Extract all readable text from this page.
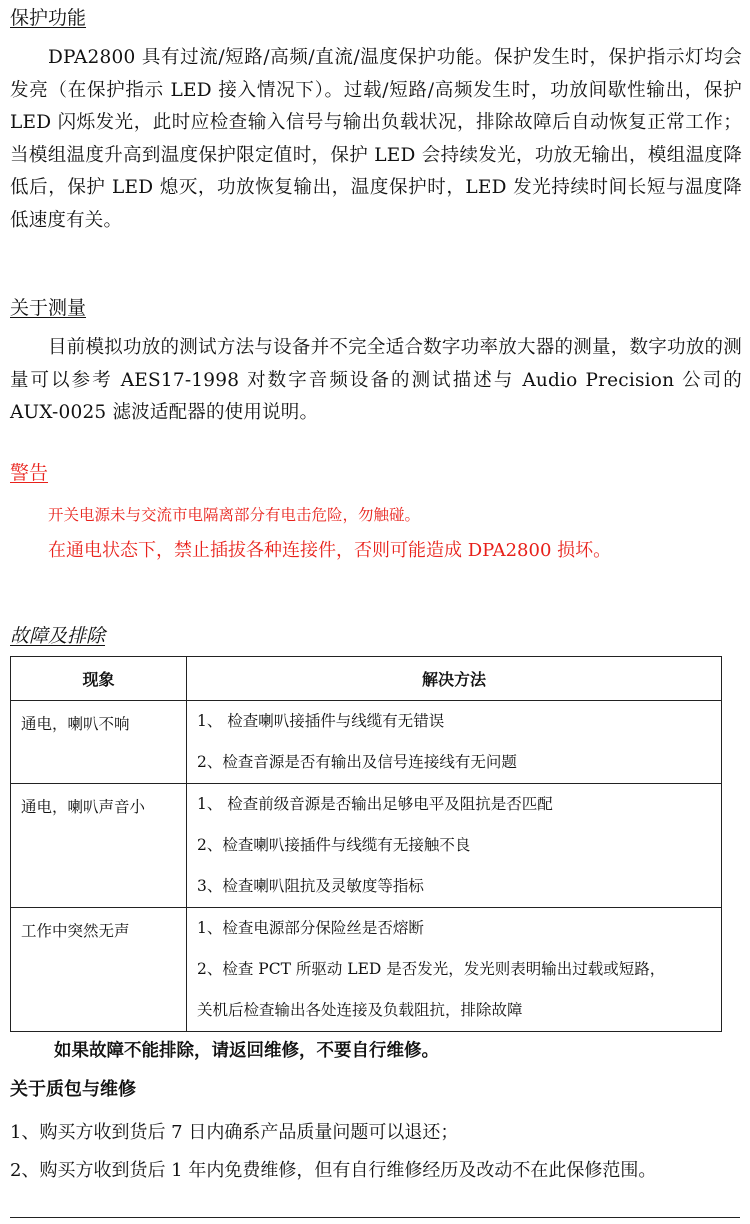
保护功能
DPA2800 具有过流/短路/高频/直流/温度保护功能。保护发生时，保护指示灯均会发亮（在保护指示 LED 接入情况下）。过载/短路/高频发生时，功放间歇性输出，保护 LED 闪烁发光，此时应检查输入信号与输出负载状况，排除故障后自动恢复正常工作；当模组温度升高到温度保护限定值时，保护 LED 会持续发光，功放无输出，模组温度降低后，保护 LED 熄灭，功放恢复输出，温度保护时，LED 发光持续时间长短与温度降低速度有关。
关于测量
目前模拟功放的测试方法与设备并不完全适合数字功率放大器的测量，数字功放的测量可以参考 AES17-1998 对数字音频设备的测试描述与 Audio Precision 公司的 AUX-0025 滤波适配器的使用说明。
警告
开关电源未与交流市电隔离部分有电击危险，勿触碰。
在通电状态下，禁止插拔各种连接件，否则可能造成 DPA2800 损坏。
故障及排除
现象	解决方法
通电，喇叭不响	1、 检查喇叭接插件与线缆有无错误
2、检查音源是否有输出及信号连接线有无问题

通电，喇叭声音小	1、 检查前级音源是否输出足够电平及阻抗是否匹配
2、检查喇叭接插件与线缆有无接触不良
3、检查喇叭阻抗及灵敏度等指标

工作中突然无声	1、检查电源部分保险丝是否熔断
2、检查 PCT 所驱动 LED 是否发光，发光则表明输出过载或短路，
关机后检查输出各处连接及负载阻抗，排除故障
如果故障不能排除，请返回维修，不要自行维修。
关于质包与维修
1、购买方收到货后 7 日内确系产品质量问题可以退还；
2、购买方收到货后 1 年内免费维修，但有自行维修经历及改动不在此保修范围。
